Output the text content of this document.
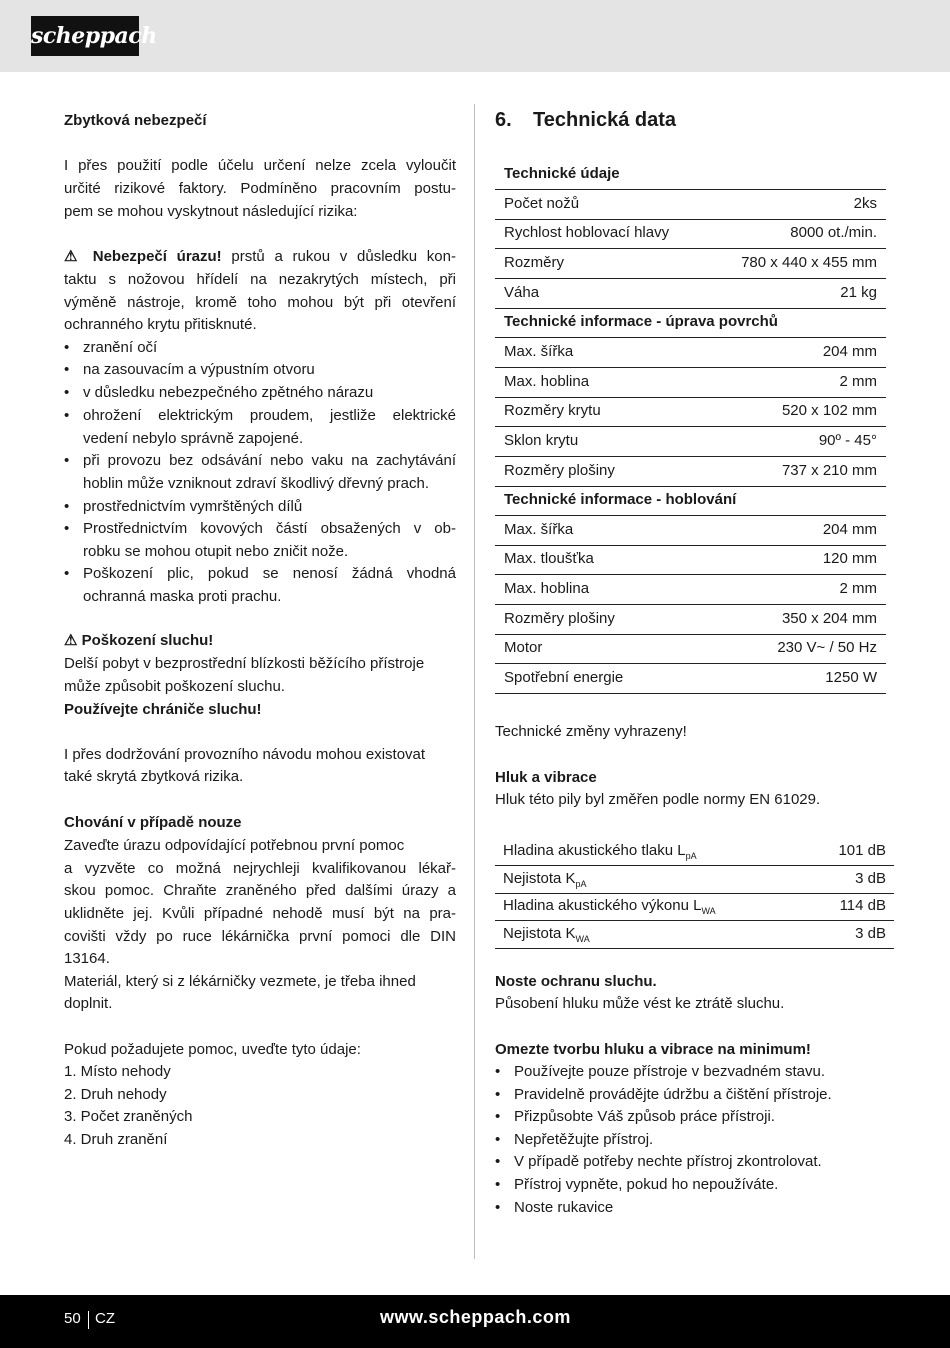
scheppach
Zbytková nebezpečí
I přes použití podle účelu určení nelze zcela vyloučit
určité rizikové faktory. Podmíněno pracovním postu-
pem se mohou vyskytnout následující rizika:
⚠ Nebezpečí úrazu! prstů a rukou v důsledku kon-
taktu s nožovou hřídelí na nezakrytých místech, při
výměně nástroje, kromě toho mohou být při otevření
ochranného krytu přitisknuté.
• zranění očí
• na zasouvacím a výpustním otvoru
• v důsledku nebezpečného zpětného nárazu
• ohrožení elektrickým proudem, jestliže elektrické
vedení nebylo správně zapojené.
• při provozu bez odsávání nebo vaku na zachytávání
hoblin může vzniknout zdraví škodlivý dřevný prach.
• prostřednictvím vymrštěných dílů
• Prostřednictvím kovových částí obsažených v ob-
robku se mohou otupit nebo zničit nože.
• Poškození plic, pokud se nenosí žádná vhodná
ochranná maska proti prachu.
⚠ Poškození sluchu!
Delší pobyt v bezprostřední blízkosti běžícího přístroje
může způsobit poškození sluchu.
Používejte chrániče sluchu!
I přes dodržování provozního návodu mohou existovat
také skrytá zbytková rizika.
Chování v případě nouze
Zaveďte úrazu odpovídající potřebnou první pomoc
a vyzvěte co možná nejrychleji kvalifikovanou lékař-
skou pomoc. Chraňte zraněného před dalšími úrazy a
uklidněte jej. Kvůli případné nehodě musí být na pra-
covišti vždy po ruce lékárnička první pomoci dle DIN
13164.
Materiál, který si z lékárničky vezmete, je třeba ihned
doplnit.
Pokud požadujete pomoc, uveďte tyto údaje:
1. Místo nehody
2. Druh nehody
3. Počet zraněných
4. Druh zranění
6. Technická data
Technické údaje
Počet nožů	2ks
Rychlost hoblovací hlavy	8000 ot./min.
Rozměry	780 x 440 x 455 mm
Váha	21 kg
Technické informace - úprava povrchů
Max. šířka	204 mm
Max. hoblina	2 mm
Rozměry krytu	520 x 102 mm
Sklon krytu	90º - 45°
Rozměry plošiny	737 x 210 mm
Technické informace - hoblování
Max. šířka	204 mm
Max. tloušťka	120 mm
Max. hoblina	2 mm
Rozměry plošiny	350 x 204 mm
Motor	230 V~ / 50 Hz
Spotřební energie	1250 W
Technické změny vyhrazeny!
Hluk a vibrace
Hluk této pily byl změřen podle normy EN 61029.
Hladina akustického tlaku $L_{pA}$	101 dB
Nejistota $K_{pA}$	3 dB
Hladina akustického výkonu $L_{WA}$	114 dB
Nejistota $K_{WA}$	3 dB
Noste ochranu sluchu.
Působení hluku může vést ke ztrátě sluchu.
Omezte tvorbu hluku a vibrace na minimum!
• Používejte pouze přístroje v bezvadném stavu.
• Pravidelně provádějte údržbu a čištění přístroje.
• Přizpůsobte Váš způsob práce přístroji.
• Nepřetěžujte přístroj.
• V případě potřeby nechte přístroj zkontrolovat.
• Přístroj vypněte, pokud ho nepoužíváte.
• Noste rukavice
50 CZ	www.scheppach.com
